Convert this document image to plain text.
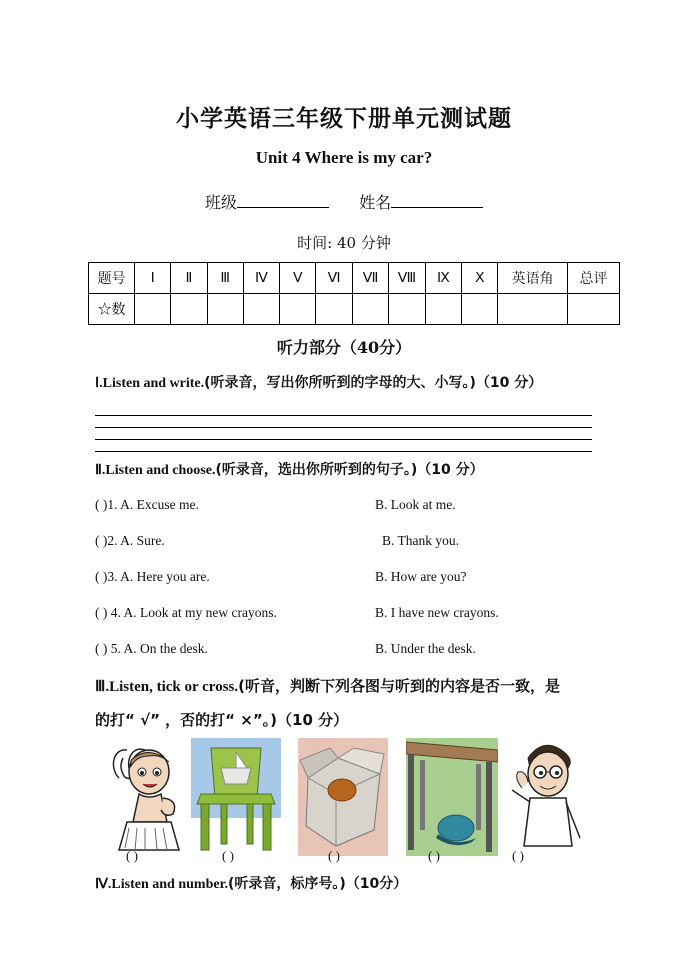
小学英语三年级下册单元测试题
Unit 4 Where is my car?
班级	姓名
时间: 40 分钟
题号	Ⅰ	Ⅱ	Ⅲ	Ⅳ	Ⅴ	Ⅵ	Ⅶ	Ⅷ	Ⅸ	Ⅹ	英语角	总评
☆数												
听力部分（40分）
Ⅰ.Listen and write.(听录音，写出你所听到的字母的大、小写。)（10 分）
Ⅱ.Listen and choose.(听录音，选出你所听到的句子。)（10 分）
( )1. A. Excuse me.	B. Look at me.
( )2. A. Sure.	B. Thank you.
( )3. A. Here you are.	B. How are you?
( ) 4. A. Look at my new crayons.	B. I have new crayons.
( ) 5. A. On the desk.	B. Under the desk.
Ⅲ.Listen, tick or cross.(听音，判断下列各图与听到的内容是否一致，是
的打“ √” ，否的打“ ×”。)（10 分）
( )	( )	( )	( )	( )
Ⅳ.Listen and number.(听录音，标序号。)（10分）
